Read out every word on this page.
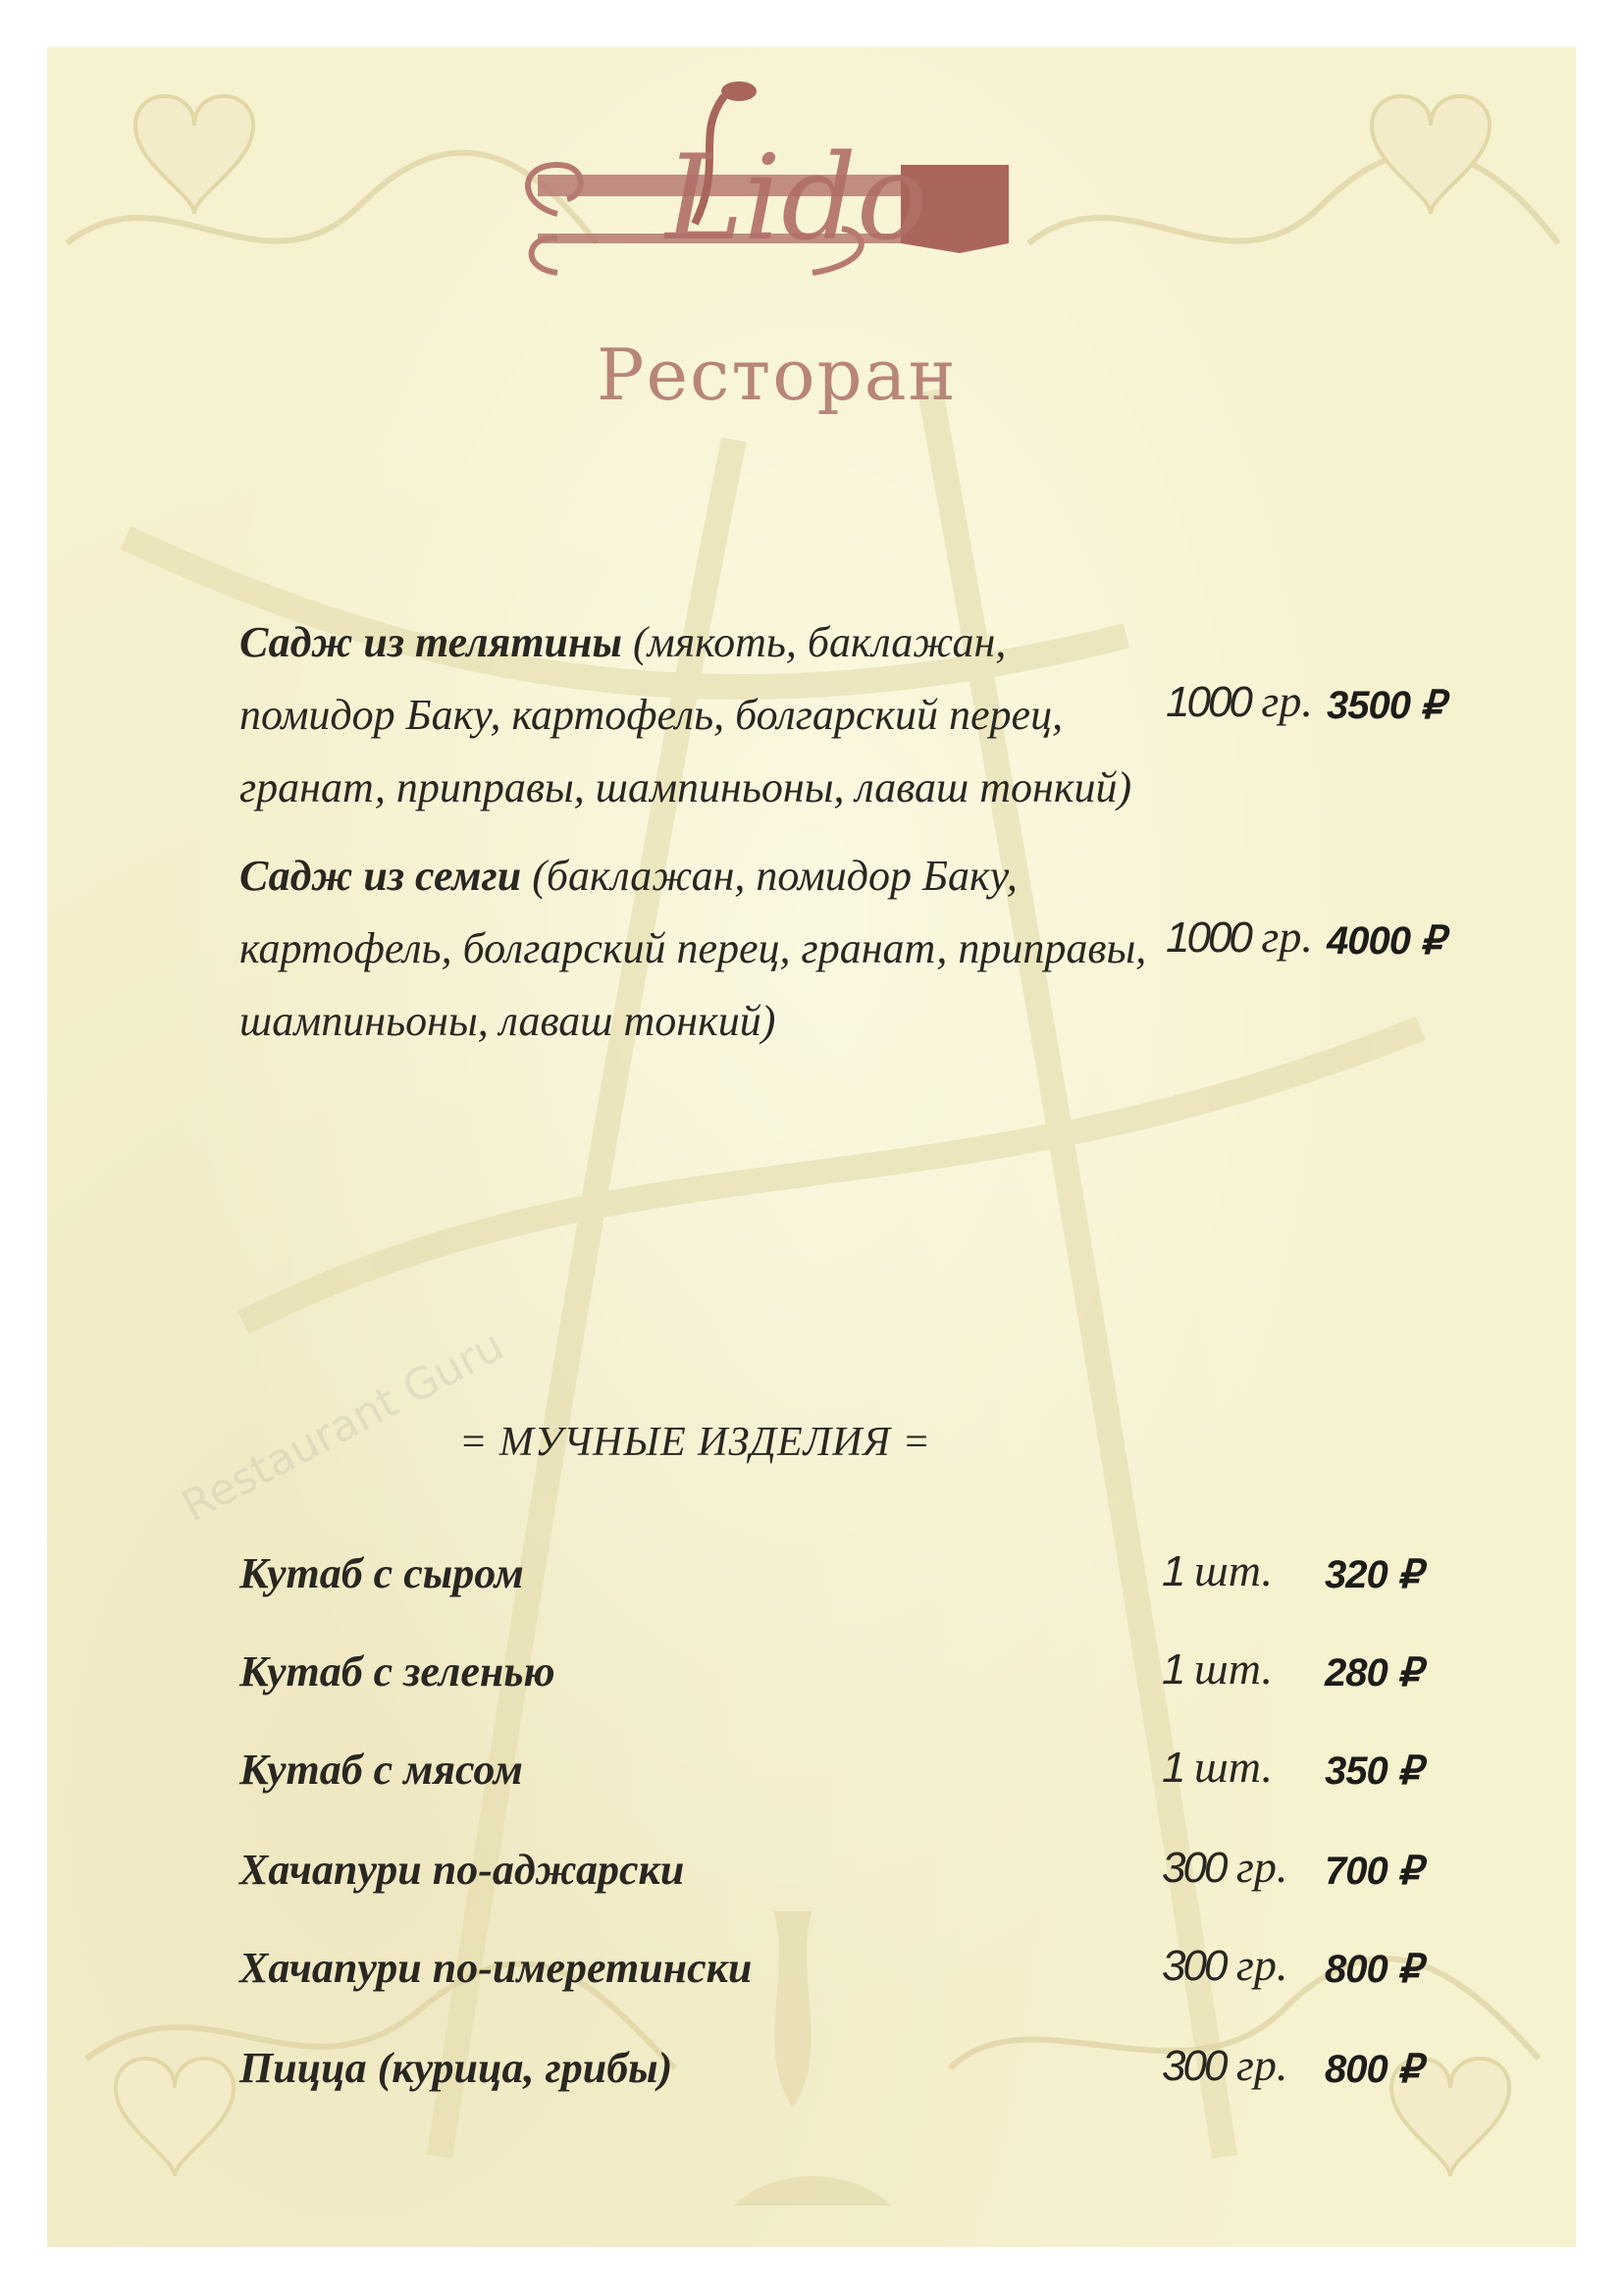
Lido
Ресторан
Садж из телятины (мякоть, баклажан,
помидор Баку, картофель, болгарский перец,
гранат, приправы, шампиньоны, лаваш тонкий)
1000 гр. 3500 ₽
Садж из семги (баклажан, помидор Баку,
картофель, болгарский перец, гранат, приправы,
шампиньоны, лаваш тонкий)
1000 гр. 4000 ₽
= МУЧНЫЕ ИЗДЕЛИЯ =
Кутаб с сыром	1 шт. 320 ₽
Кутаб с зеленью	1 шт. 280 ₽
Кутаб с мясом	1 шт. 350 ₽
Хачапури по-аджарски	300 гр. 700 ₽
Хачапури по-имеретински	300 гр. 800 ₽
Пицца (курица, грибы)	300 гр. 800 ₽
Restaurant Guru
